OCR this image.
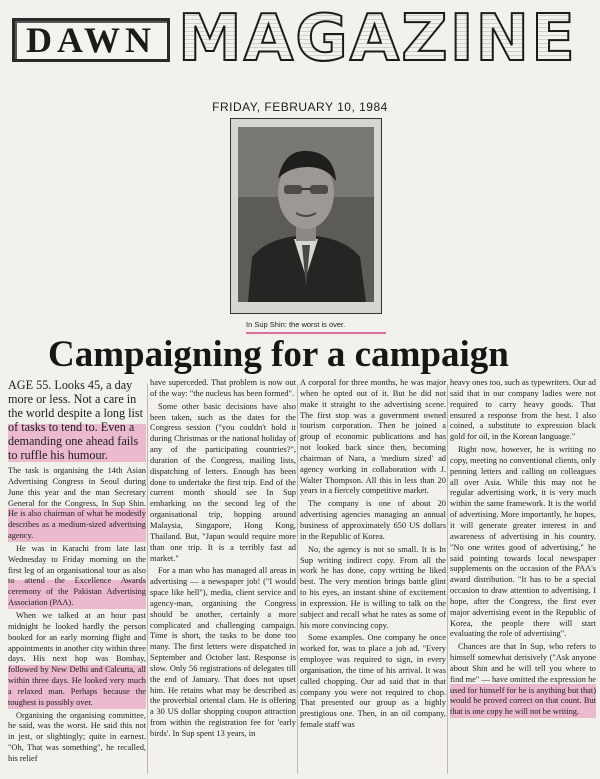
DAWN MAGAZINE
FRIDAY, FEBRUARY 10, 1984
In Sup Shin: the worst is over.
Campaigning for a campaign

AGE 55. Looks 45, a day more or less. Not a care in the world despite a long list of tasks to tend to. Even a demanding one ahead fails to ruffle his humour.

The task is organising the 14th Asian Advertising Congress in Seoul during June this year and the man Secretary General for the Congress, In Sup Shin. He is also chairman of what he modestly describes as a medium-sized advertising agency.

He was in Karachi from late last Wednesday to Friday morning on the first leg of an organisational tour as also to attend the Excellence Awards ceremony of the Pakistan Advertising Association (PAA).

When we talked at an hour past midnight he looked hardly the person booked for an early morning flight and appointments in another city within three days. His next hop was Bombay, followed by New Delhi and Calcutta, all within three days. He looked very much a relaxed man. Perhaps because the toughest is possibly over.

Organising the organising committee, he said, was the worst. He said this not in jest, or slightingly; quite in earnest. "Oh, That was something", he recalled, his relief

have superceded. That problem is now out of the way: "the nucleus has been formed".

Some other basic decisions have also been taken, such as the dates for the Congress session ("you couldn't hold it during Christmas or the national holiday of any of the participating countries?", duration of the Congress, mailing lists, dispatching of letters. Enough has been done to undertake the first trip. End of the current month should see In Sup embarking on the second leg of the organisational trip, hopping around Malaysia, Singapore, Hong Kong, Thailand. But, "Japan would require more than one trip. It is a terribly fast ad market."

For a man who has managed all areas in advertising — a newspaper job! ("I would space like hell"), media, client service and agency-man, organising the Congress should be another, certainly a more complicated and challenging campaign. Time is short, the tasks to be done too many. The first letters were dispatched in September and October last. Response is slow. Only 56 registrations of delegates till the end of January. That does not upset him. He retains what may be described as the proverbial oriental clam. He is offering a 30 US dollar shopping coupon attraction from within the registration fee for 'early birds'. In Sup spent 13 years, in

A corporal for three months, he was major when he opted out of it. But he did not make it straight to the advertising scene. The first stop was a government owned tourism corporation. Then he joined a group of economic publications and has not looked back since then, becoming chairman of Nara, a 'medium sized' ad agency working in collaboration with J. Walter Thompson. All this in less than 20 years in a fiercely competitive market.

The company is one of about 20 advertising agencies managing an annual business of approximately 650 US dollars in the Republic of Korea.

No, the agency is not so small. It is In Sup writing indirect copy. From all the work he has done, copy writing he liked best. The very mention brings battle glint to his eyes, an instant shine of excitement in expression. He is willing to talk on the subject and recall what he rates as some of his more convincing copy.

Some examples. One company he once worked for, was to place a job ad. "Every employee was required to sign, in every organisation, the time of his arrival. It was called chopping. Our ad said that in that company you were not required to chop. That presented our group as a highly prestigious one. Then, in an oil company, female staff was

heavy ones too, such as typewriters. Our ad said that in our company ladies were not required to carry heavy goods. That ensured a response from the best. I also coined, a substitute to expression black gold for oil, in the Korean language."

Right now, however, he is writing no copy, meeting no conventional clients, only penning letters and calling on colleagues all over Asia. While this may not be regular advertising work, it is very much within the same framework. It is the world of advertising. More importantly, he hopes, it will generate greater interest in and awareness of advertising in his country. "No one writes good of advertising," he said pointing towards local newspaper supplements on the occasion of the PAA's award distribution. "It has to be a special occasion to draw attention to advertising. I hope, after the Congress, the first ever major advertising event in the Republic of Korea, the people there will start evaluating the role of advertising".

Chances are that In Sup, who refers to himself somewhat derisively ("Ask anyone about Shin and he will tell you where to find me" — have omitted the expression he used for himself for he is anything but that) would be proved correct on that count. But that is one copy he will not be writing.
